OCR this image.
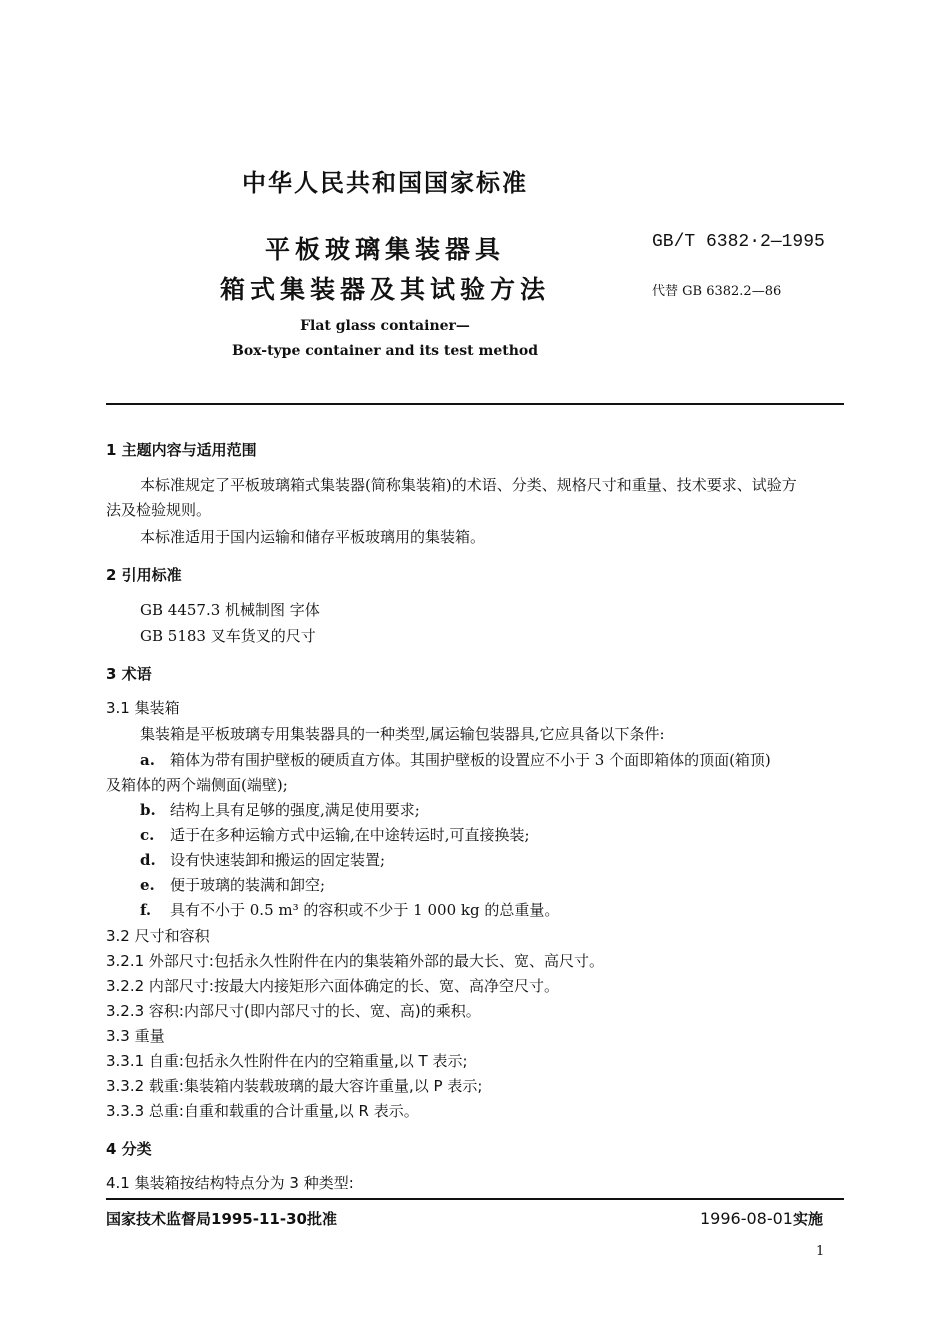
中华人民共和国国家标准
平板玻璃集装器具
箱式集装器及其试验方法
GB/T 6382·2—1995
代替 GB 6382.2—86
Flat glass container—
Box-type container and its test method
1 主题内容与适用范围
本标准规定了平板玻璃箱式集装器(简称集装箱)的术语、分类、规格尺寸和重量、技术要求、试验方
法及检验规则。
本标准适用于国内运输和储存平板玻璃用的集装箱。
2 引用标准
GB 4457.3 机械制图 字体
GB 5183 叉车货叉的尺寸
3 术语
3.1 集装箱
集装箱是平板玻璃专用集装器具的一种类型,属运输包装器具,它应具备以下条件:
a. 箱体为带有围护壁板的硬质直方体。其围护壁板的设置应不小于 3 个面即箱体的顶面(箱顶)
及箱体的两个端侧面(端壁);
b. 结构上具有足够的强度,满足使用要求;
c. 适于在多种运输方式中运输,在中途转运时,可直接换装;
d. 设有快速装卸和搬运的固定装置;
e. 便于玻璃的装满和卸空;
f. 具有不小于 0.5 m³ 的容积或不少于 1 000 kg 的总重量。
3.2 尺寸和容积
3.2.1 外部尺寸:包括永久性附件在内的集装箱外部的最大长、宽、高尺寸。
3.2.2 内部尺寸:按最大内接矩形六面体确定的长、宽、高净空尺寸。
3.2.3 容积:内部尺寸(即内部尺寸的长、宽、高)的乘积。
3.3 重量
3.3.1 自重:包括永久性附件在内的空箱重量,以 T 表示;
3.3.2 载重:集装箱内装载玻璃的最大容许重量,以 P 表示;
3.3.3 总重:自重和载重的合计重量,以 R 表示。
4 分类
4.1 集装箱按结构特点分为 3 种类型:
国家技术监督局1995-11-30批准	1996-08-01实施
1
